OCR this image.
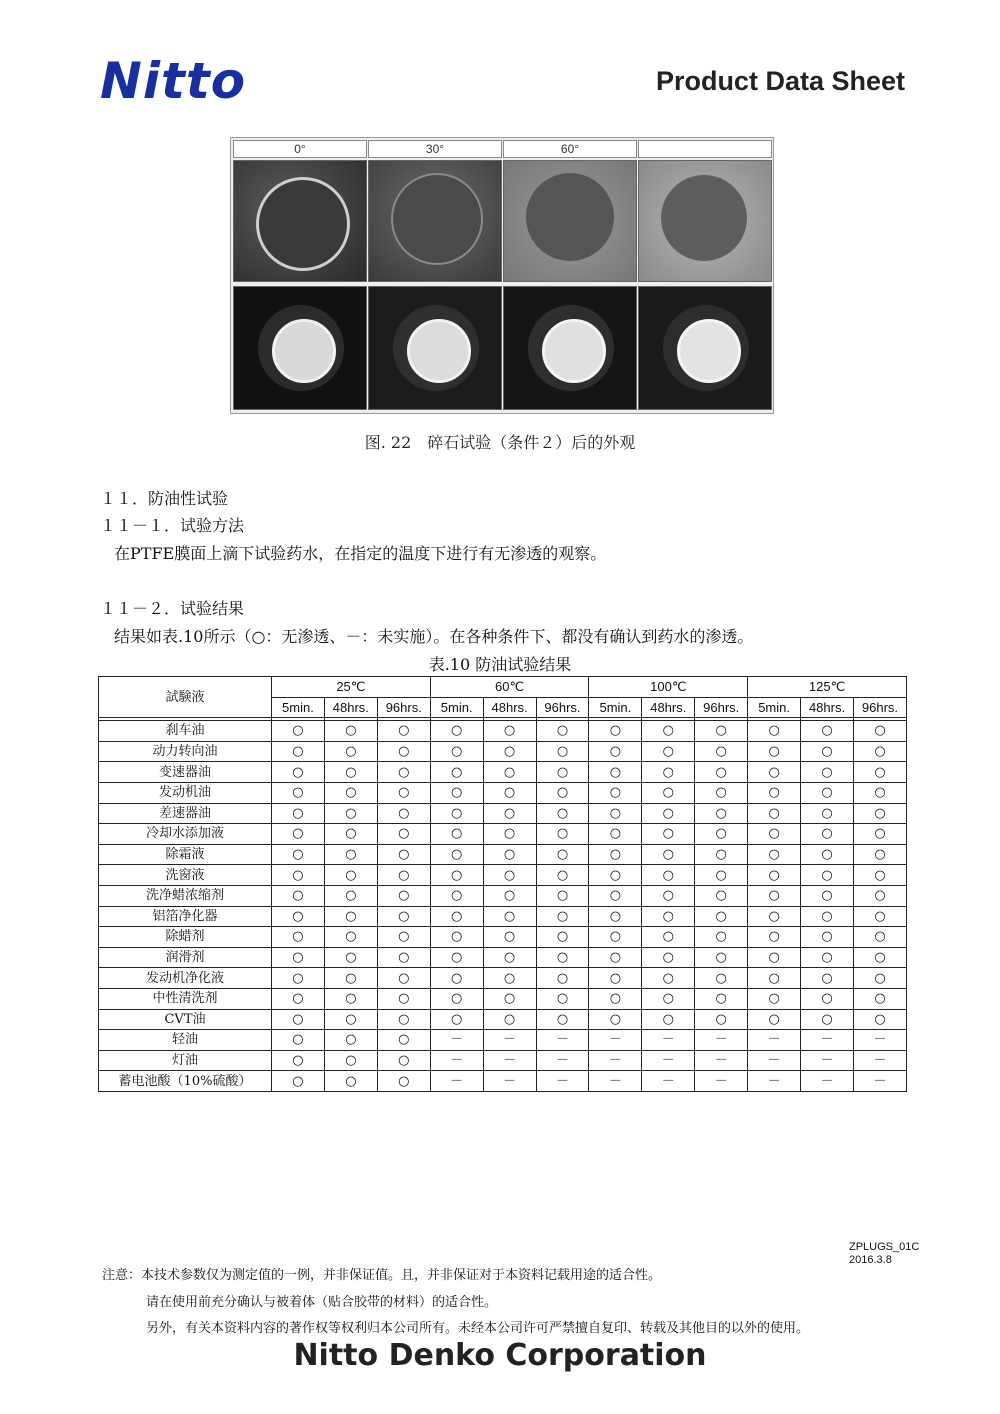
Nitto	Product Data Sheet
0°	30°	60°
图. 22　碎石试验（条件２）后的外观
１１．防油性试验
１１－１．试验方法
在PTFE膜面上滴下试验药水，在指定的温度下进行有无渗透的观察。
１１－２．试验结果
结果如表.10所示（○：无渗透、－：未实施）。在各种条件下、都没有确认到药水的渗透。
表.10 防油试验结果
試験液	25℃			60℃			100℃			125℃		
	5min.	48hrs.	96hrs.	5min.	48hrs.	96hrs.	5min.	48hrs.	96hrs.	5min.	48hrs.	96hrs.

刹车油	○	○	○	○	○	○	○	○	○	○	○	○
动力转向油	○	○	○	○	○	○	○	○	○	○	○	○
变速器油	○	○	○	○	○	○	○	○	○	○	○	○
发动机油	○	○	○	○	○	○	○	○	○	○	○	○
差速器油	○	○	○	○	○	○	○	○	○	○	○	○
冷却水添加液	○	○	○	○	○	○	○	○	○	○	○	○
除霜液	○	○	○	○	○	○	○	○	○	○	○	○
洗窗液	○	○	○	○	○	○	○	○	○	○	○	○
洗净蜡浓缩剂	○	○	○	○	○	○	○	○	○	○	○	○
铝箔净化器	○	○	○	○	○	○	○	○	○	○	○	○
除蜡剂	○	○	○	○	○	○	○	○	○	○	○	○
润滑剂	○	○	○	○	○	○	○	○	○	○	○	○
发动机净化液	○	○	○	○	○	○	○	○	○	○	○	○
中性清洗剂	○	○	○	○	○	○	○	○	○	○	○	○
CVT油	○	○	○	○	○	○	○	○	○	○	○	○
轻油	○	○	○	－	－	－	－	－	－	－	－	－
灯油	○	○	○	－	－	－	－	－	－	－	－	－
蓄电池酸（10%硫酸）	○	○	○	－	－	－	－	－	－	－	－	－
ZPLUGS_01C
2016.3.8
注意：本技术参数仅为测定值的一例，并非保证值。且，并非保证对于本资料记载用途的适合性。
请在使用前充分确认与被着体（贴合胶带的材料）的适合性。
另外，有关本资料内容的著作权等权利归本公司所有。未经本公司许可严禁擅自复印、转载及其他目的以外的使用。
Nitto Denko Corporation
